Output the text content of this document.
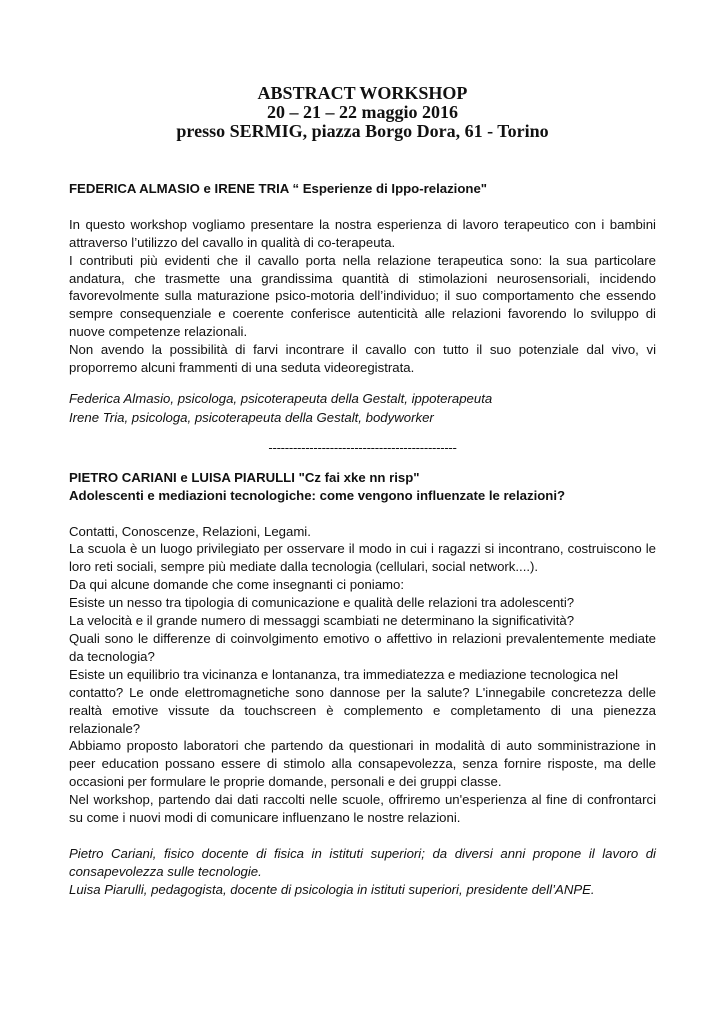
ABSTRACT WORKSHOP
20 – 21 – 22 maggio 2016
presso SERMIG, piazza Borgo Dora, 61 - Torino

FEDERICA ALMASIO e IRENE TRIA “ Esperienze di Ippo-relazione"

In questo workshop vogliamo presentare la nostra esperienza di lavoro terapeutico con i bambini attraverso l’utilizzo del cavallo in qualità di co-terapeuta.

I contributi più evidenti che il cavallo porta nella relazione terapeutica sono: la sua particolare andatura, che trasmette una grandissima quantità di stimolazioni neurosensoriali, incidendo favorevolmente sulla maturazione psico-motoria dell’individuo; il suo comportamento che essendo sempre consequenziale e coerente conferisce autenticità alle relazioni favorendo lo sviluppo di nuove competenze relazionali.

Non avendo la possibilità di farvi incontrare il cavallo con tutto il suo potenziale dal vivo, vi proporremo alcuni frammenti di una seduta videoregistrata.

Federica Almasio, psicologa, psicoterapeuta della Gestalt, ippoterapeuta

Irene Tria, psicologa, psicoterapeuta della Gestalt, bodyworker

----------------------------------------------

PIETRO CARIANI e LUISA PIARULLI "Cz fai xke nn risp"

Adolescenti e mediazioni tecnologiche: come vengono influenzate le relazioni?

Contatti, Conoscenze, Relazioni, Legami.

La scuola è un luogo privilegiato per osservare il modo in cui i ragazzi si incontrano, costruiscono le loro reti sociali, sempre più mediate dalla tecnologia (cellulari, social network....).

Da qui alcune domande che come insegnanti ci poniamo:

Esiste un nesso tra tipologia di comunicazione e qualità delle relazioni tra adolescenti?

La velocità e il grande numero di messaggi scambiati ne determinano la significatività?

Quali sono le differenze di coinvolgimento emotivo o affettivo in relazioni prevalentemente mediate da tecnologia?

Esiste un equilibrio tra vicinanza e lontananza, tra immediatezza e mediazione tecnologica nel

contatto? Le onde elettromagnetiche sono dannose per la salute? L'innegabile concretezza delle realtà emotive vissute da touchscreen è complemento e completamento di una pienezza relazionale?

Abbiamo proposto laboratori che partendo da questionari in modalità di auto somministrazione in peer education possano essere di stimolo alla consapevolezza, senza fornire risposte, ma delle occasioni per formulare le proprie domande, personali e dei gruppi classe.

Nel workshop, partendo dai dati raccolti nelle scuole, offriremo un'esperienza al fine di confrontarci su come i nuovi modi di comunicare influenzano le nostre relazioni.

Pietro Cariani, fisico docente di fisica in istituti superiori; da diversi anni propone il lavoro di consapevolezza sulle tecnologie.

Luisa Piarulli, pedagogista, docente di psicologia in istituti superiori, presidente dell’ANPE.
